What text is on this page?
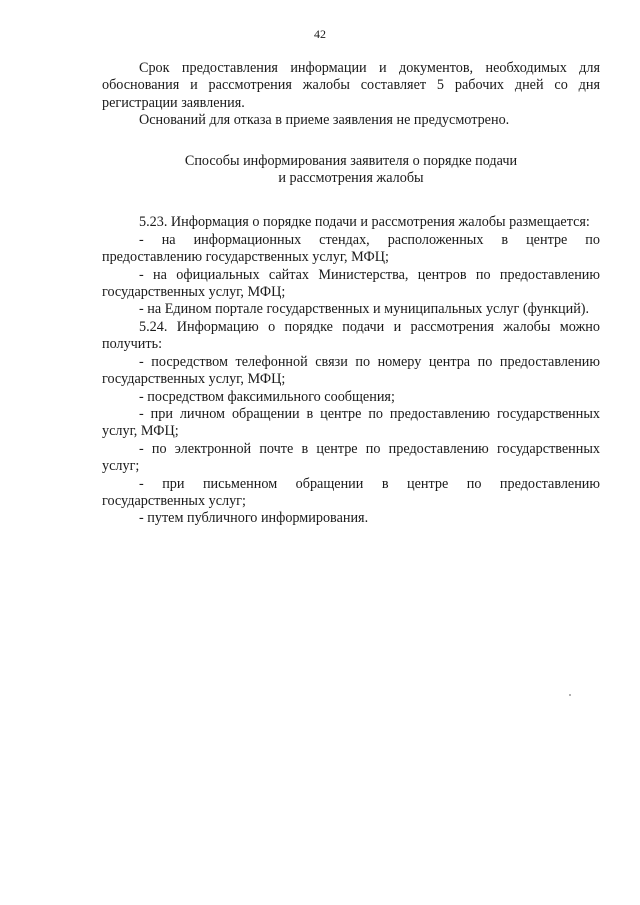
42

Срок предоставления информации и документов, необходимых для обоснования и рассмотрения жалобы составляет 5 рабочих дней со дня регистрации заявления.

Оснований для отказа в приеме заявления не предусмотрено.

Способы информирования заявителя о порядке подачи
и рассмотрения жалобы

5.23. Информация о порядке подачи и рассмотрения жалобы размещается:

- на информационных стендах, расположенных в центре по предоставлению государственных услуг, МФЦ;

- на официальных сайтах Министерства, центров по предоставлению государственных услуг, МФЦ;

- на Едином портале государственных и муниципальных услуг (функций).

5.24. Информацию о порядке подачи и рассмотрения жалобы можно получить:

- посредством телефонной связи по номеру центра по предоставлению государственных услуг, МФЦ;

- посредством факсимильного сообщения;

- при личном обращении в центре по предоставлению государственных услуг, МФЦ;

- по электронной почте в центре по предоставлению государственных услуг;

- при письменном обращении в центре по предоставлению государственных услуг;

- путем публичного информирования.
